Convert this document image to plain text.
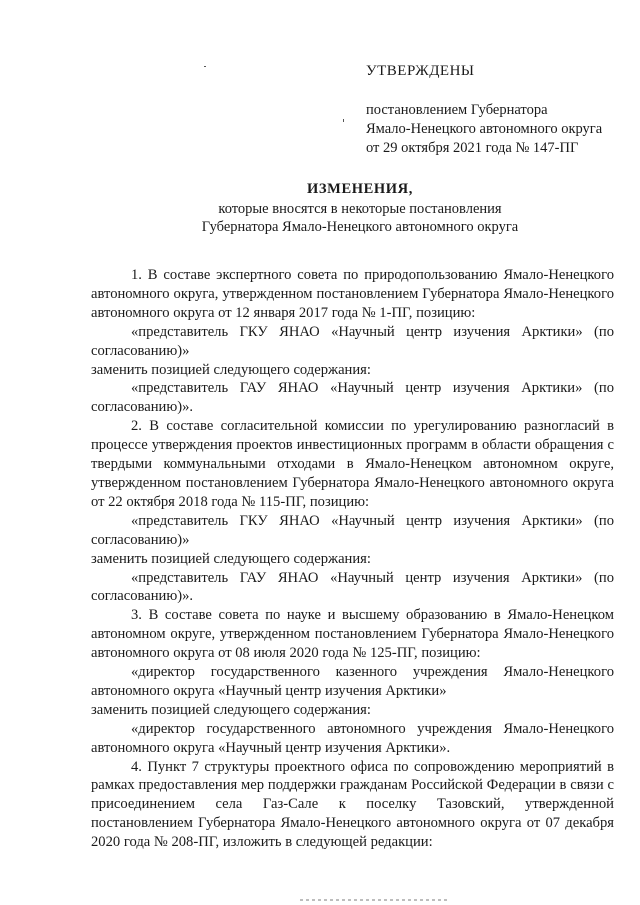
УТВЕРЖДЕНЫ
постановлением Губернатора
Ямало-Ненецкого автономного округа
от 29 октября 2021 года № 147-ПГ
ИЗМЕНЕНИЯ,
которые вносятся в некоторые постановления
Губернатора Ямало-Ненецкого автономного округа

1. В составе экспертного совета по природопользованию Ямало-Ненецкого автономного округа, утвержденном постановлением Губернатора Ямало-Ненецкого автономного округа от 12 января 2017 года № 1-ПГ, позицию:

«представитель ГКУ ЯНАО «Научный центр изучения Арктики» (по согласованию)»

заменить позицией следующего содержания:

«представитель ГАУ ЯНАО «Научный центр изучения Арктики» (по согласованию)».

2. В составе согласительной комиссии по урегулированию разногласий в процессе утверждения проектов инвестиционных программ в области обращения с твердыми коммунальными отходами в Ямало-Ненецком автономном округе, утвержденном постановлением Губернатора Ямало-Ненецкого автономного округа от 22 октября 2018 года № 115-ПГ, позицию:

«представитель ГКУ ЯНАО «Научный центр изучения Арктики» (по согласованию)»

заменить позицией следующего содержания:

«представитель ГАУ ЯНАО «Научный центр изучения Арктики» (по согласованию)».

3. В составе совета по науке и высшему образованию в Ямало-Ненецком автономном округе, утвержденном постановлением Губернатора Ямало-Ненецкого автономного округа от 08 июля 2020 года № 125-ПГ, позицию:

«директор государственного казенного учреждения Ямало-Ненецкого автономного округа «Научный центр изучения Арктики»

заменить позицией следующего содержания:

«директор государственного автономного учреждения Ямало-Ненецкого автономного округа «Научный центр изучения Арктики».

4. Пункт 7 структуры проектного офиса по сопровождению мероприятий в рамках предоставления мер поддержки гражданам Российской Федерации в связи с присоединением села Газ-Сале к поселку Тазовский, утвержденной постановлением Губернатора Ямало-Ненецкого автономного округа от 07 декабря 2020 года № 208-ПГ, изложить в следующей редакции:
